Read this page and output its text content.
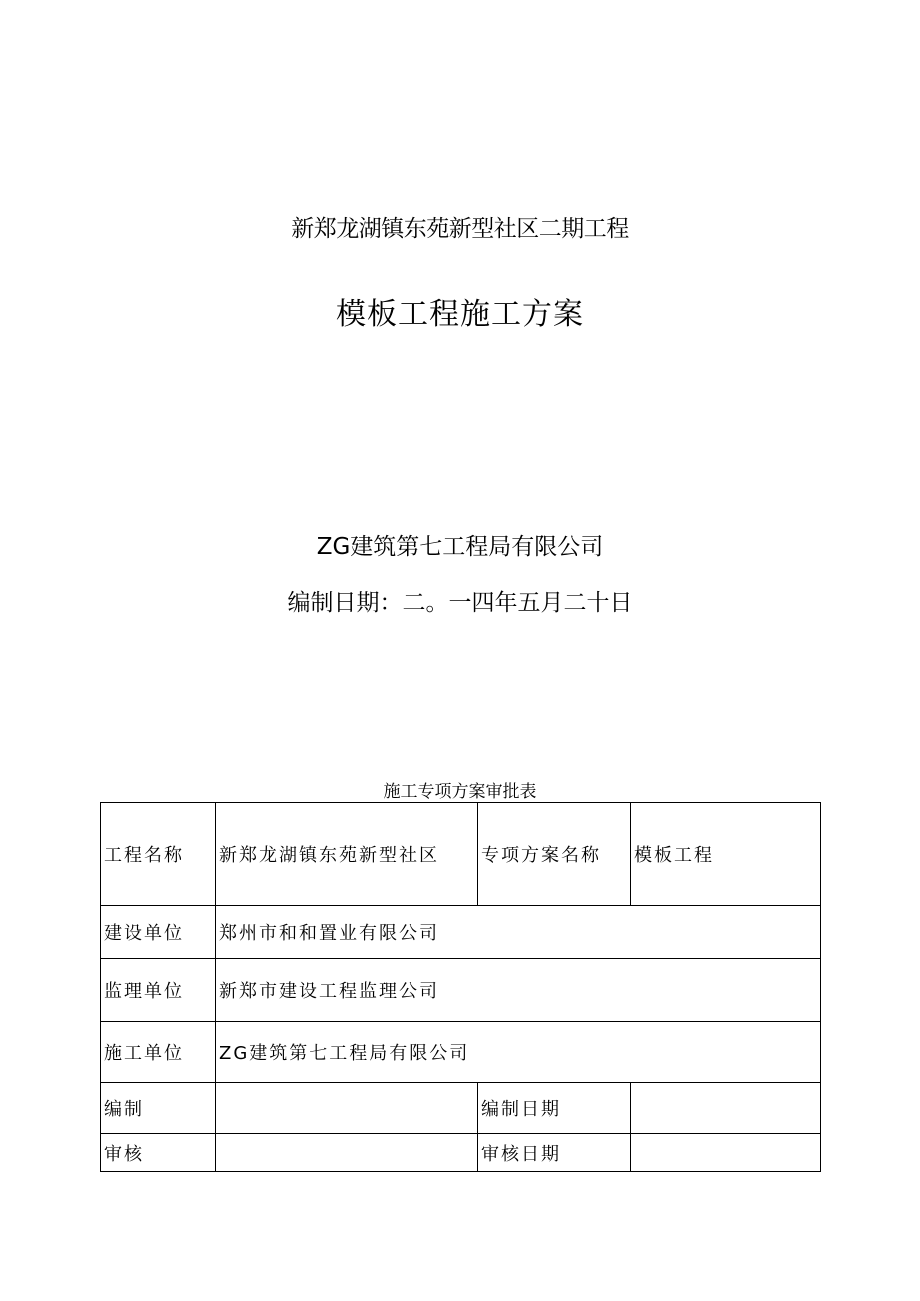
新郑龙湖镇东苑新型社区二期工程
模板工程施工方案
ZG建筑第七工程局有限公司
编制日期：二。一四年五月二十日
施工专项方案审批表
工程名称	新郑龙湖镇东苑新型社区	专项方案名称	模板工程
建设单位	郑州市和和置业有限公司		
监理单位	新郑市建设工程监理公司		
施工单位	ZG建筑第七工程局有限公司		
编制		编制日期	
审核		审核日期	
